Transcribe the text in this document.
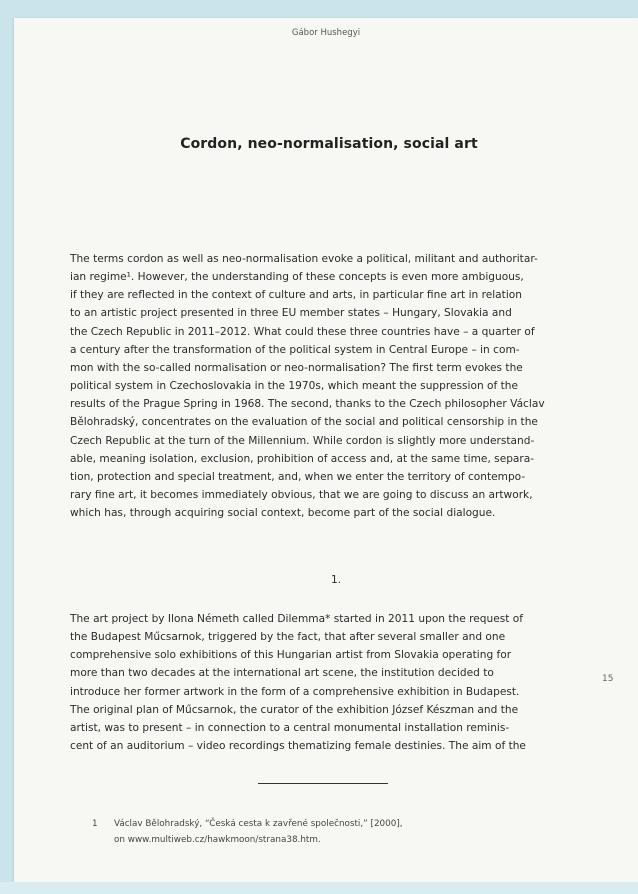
Gábor Hushegyi
Cordon, neo-normalisation, social art
The terms cordon as well as neo-normalisation evoke a political, militant and authoritar-
ian regime¹. However, the understanding of these concepts is even more ambiguous,
if they are reflected in the context of culture and arts, in particular fine art in relation
to an artistic project presented in three EU member states – Hungary, Slovakia and
the Czech Republic in 2011–2012. What could these three countries have – a quarter of
a century after the transformation of the political system in Central Europe – in com-
mon with the so-called normalisation or neo-normalisation? The first term evokes the
political system in Czechoslovakia in the 1970s, which meant the suppression of the
results of the Prague Spring in 1968. The second, thanks to the Czech philosopher Václav
Bělohradský, concentrates on the evaluation of the social and political censorship in the
Czech Republic at the turn of the Millennium. While cordon is slightly more understand-
able, meaning isolation, exclusion, prohibition of access and, at the same time, separa-
tion, protection and special treatment, and, when we enter the territory of contempo-
rary fine art, it becomes immediately obvious, that we are going to discuss an artwork,
which has, through acquiring social context, become part of the social dialogue.
1.
The art project by Ilona Németh called Dilemma* started in 2011 upon the request of
the Budapest Műcsarnok, triggered by the fact, that after several smaller and one
comprehensive solo exhibitions of this Hungarian artist from Slovakia operating for
more than two decades at the international art scene, the institution decided to
introduce her former artwork in the form of a comprehensive exhibition in Budapest.
The original plan of Műcsarnok, the curator of the exhibition József Készman and the
artist, was to present – in connection to a central monumental installation reminis-
cent of an auditorium – video recordings thematizing female destinies. The aim of the
15
1 Václav Bělohradský, “Česká cesta k zavřené společnosti,” [2000],
on www.multiweb.cz/hawkmoon/strana38.htm.
